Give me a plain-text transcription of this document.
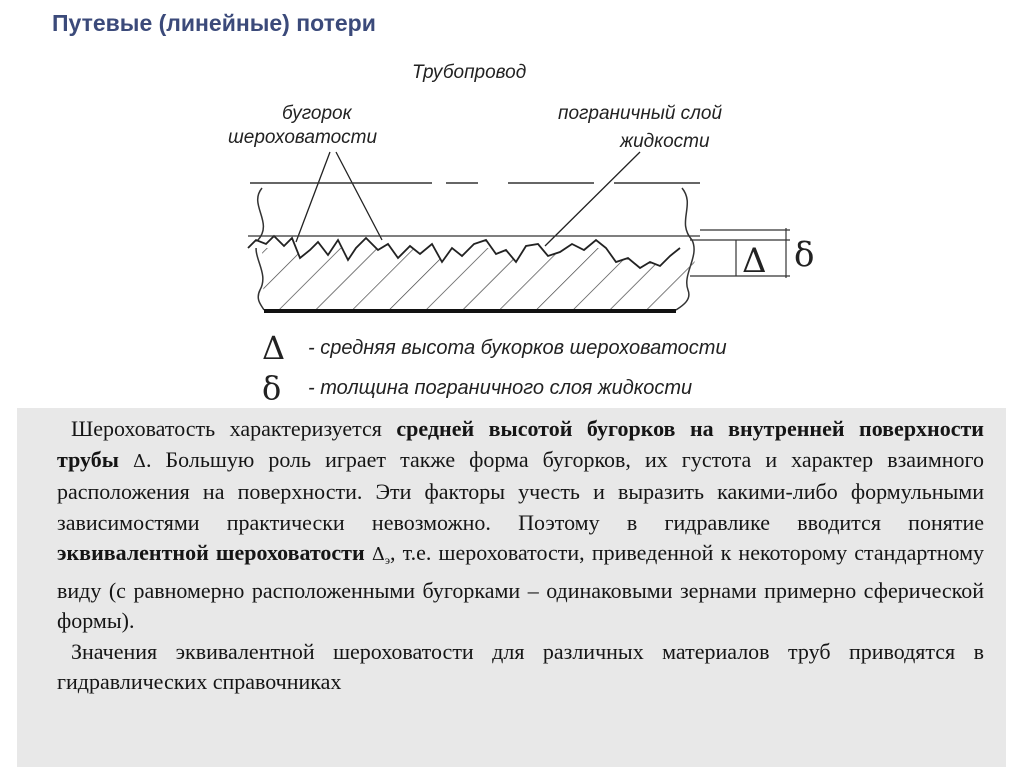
Путевые (линейные) потери
Трубопровод
бугорок
шероховатости
пограничный слой
жидкости
Δ δ
Δ	- средняя высота букорков шероховатости
δ	- толщина пограничного слоя жидкости

Шероховатость характеризуется средней высотой бугорков на внутренней поверхности трубы Δ. Большую роль играет также форма бугорков, их густота и характер взаимного расположения на поверхности. Эти факторы учесть и выразить какими-либо формульными зависимостями практически невозможно. Поэтому в гидравлике вводится понятие эквивалентной шероховатости $\Delta_э$, т.е. шероховатости, приведенной к некоторому стандартному виду (с равномерно расположенными бугорками – одинаковыми зернами примерно сферической формы).

Значения эквивалентной шероховатости для различных материалов труб приводятся в гидравлических справочниках
